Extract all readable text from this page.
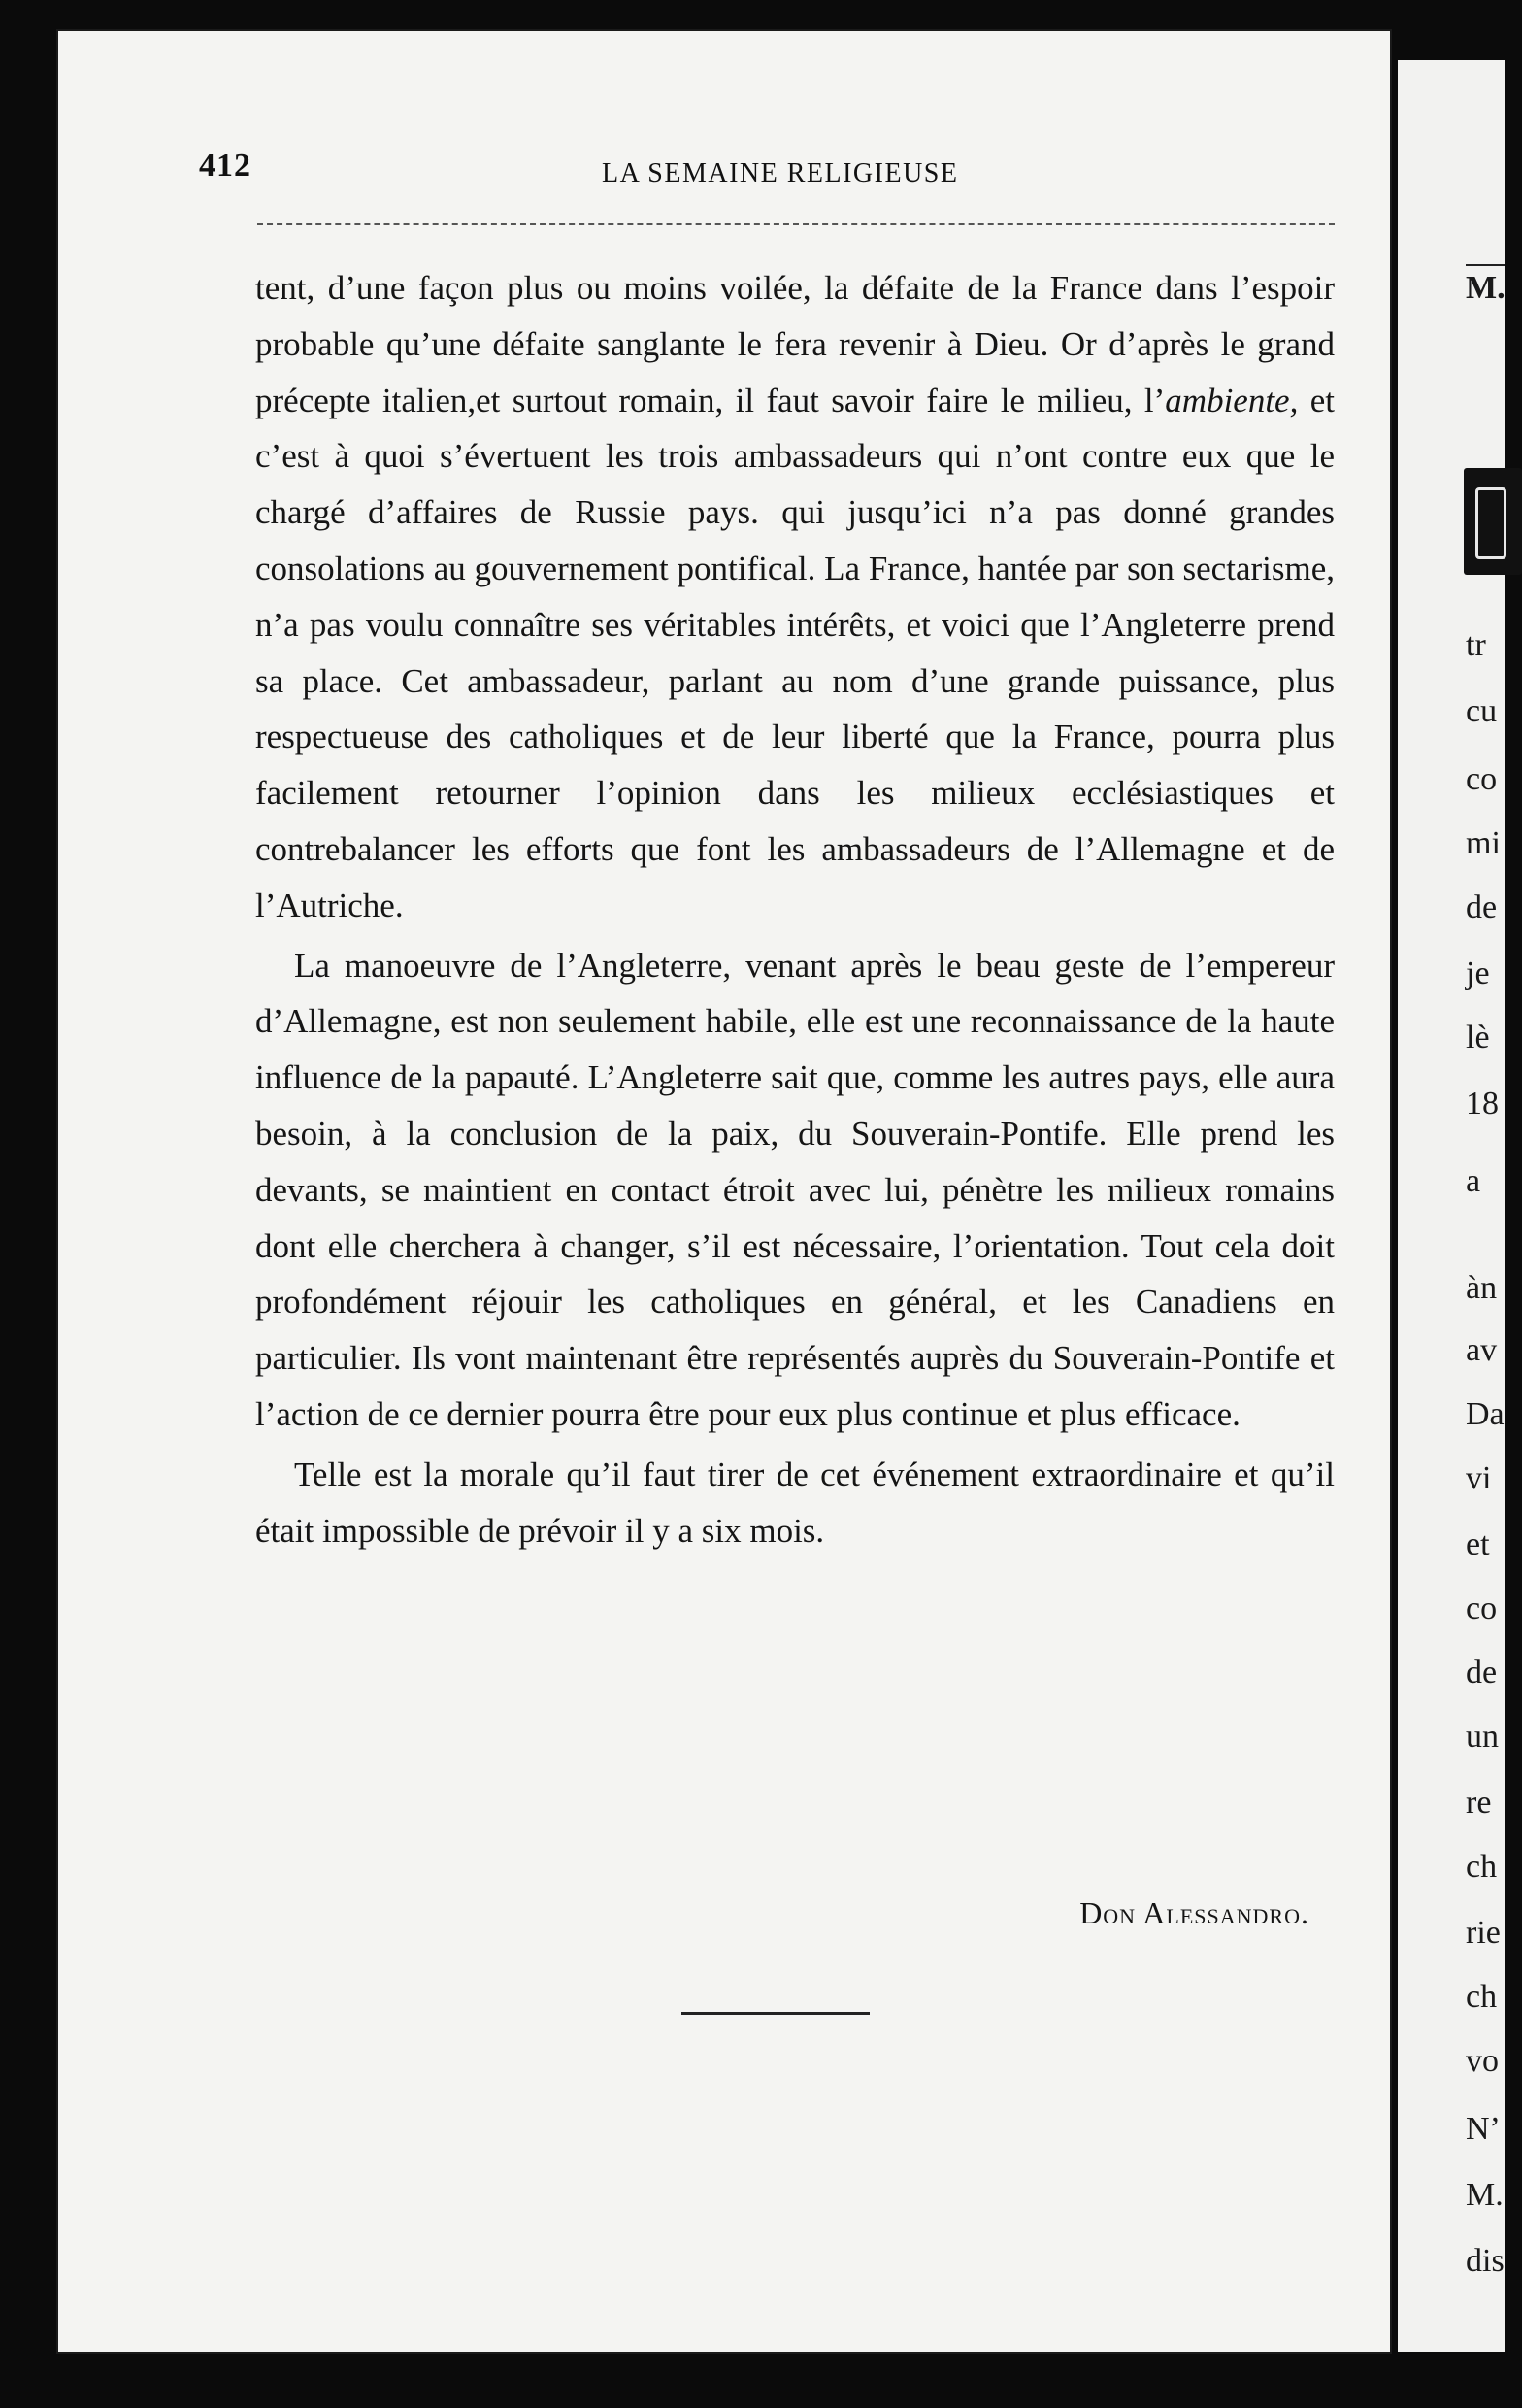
M.
tr
cu
co
mi
de
je
lè
18
a
àn
av
Da
vi
et
co
de
un
re
ch
rie
ch
vo
N’
M.
dis
412	LA SEMAINE RELIGIEUSE

tent, d’une façon plus ou moins voilée, la défaite de la France dans l’espoir probable qu’une défaite sanglante le fera revenir à Dieu. Or d’après le grand précepte italien,et surtout romain, il faut savoir faire le milieu, l’ambiente, et c’est à quoi s’évertuent les trois ambassadeurs qui n’ont contre eux que le chargé d’affaires de Russie pays. qui jusqu’ici n’a pas donné grandes consolations au gouvernement pontifical. La France, hantée par son sectarisme, n’a pas voulu connaître ses véritables intérêts, et voici que l’Angleterre prend sa place. Cet ambassadeur, parlant au nom d’une grande puissance, plus respectueuse des catholiques et de leur liberté que la France, pourra plus facilement retourner l’opinion dans les milieux ecclésiastiques et contrebalancer les efforts que font les ambassadeurs de l’Allemagne et de l’Autriche.

La manoeuvre de l’Angleterre, venant après le beau geste de l’empereur d’Allemagne, est non seulement habile, elle est une reconnaissance de la haute influence de la papauté. L’Angleterre sait que, comme les autres pays, elle aura besoin, à la conclusion de la paix, du Souverain-Pontife. Elle prend les devants, se maintient en contact étroit avec lui, pénètre les milieux romains dont elle cherchera à changer, s’il est nécessaire, l’orientation. Tout cela doit profondément réjouir les catholiques en général, et les Canadiens en particulier. Ils vont maintenant être représentés auprès du Souverain-Pontife et l’action de ce dernier pourra être pour eux plus continue et plus efficace.

Telle est la morale qu’il faut tirer de cet événement extraordinaire et qu’il était impossible de prévoir il y a six mois.

Don Alessandro.
